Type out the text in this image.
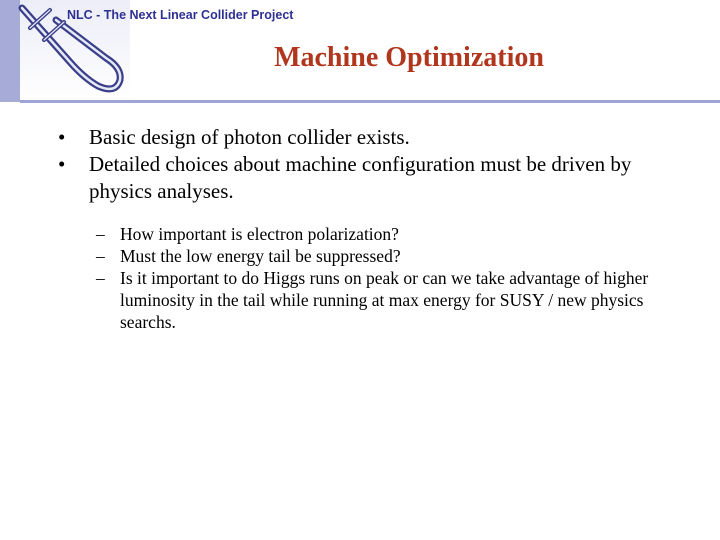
NLC - The Next Linear Collider Project
Machine Optimization
• Basic design of photon collider exists.
• Detailed choices about machine configuration must be driven by physics analyses.
– How important is electron polarization?
– Must the low energy tail be suppressed?
– Is it important to do Higgs runs on peak or can we take advantage of higher luminosity in the tail while running at max energy for SUSY / new physics searchs.
